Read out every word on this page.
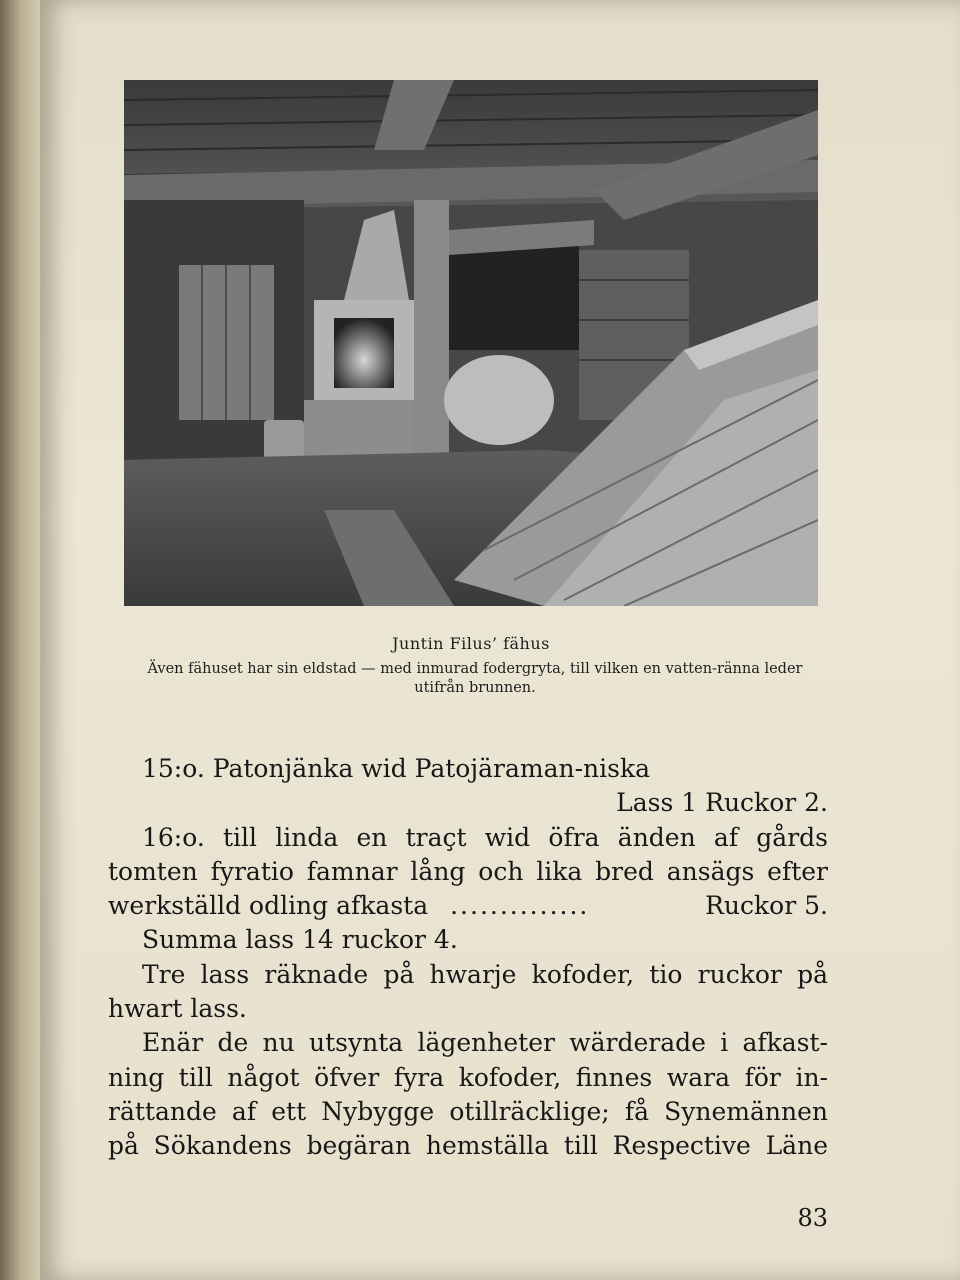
Juntin Filus’ fähus
Även fähuset har sin eldstad — med inmurad fodergryta, till vilken en vatten-ränna leder utifrån brunnen.
15:o. Patonjänka wid Patojäraman-niska
Lass 1 Ruckor 2.
16:o. till linda en traçt wid öfra änden af gårds
tomten fyratio famnar lång och lika bred ansägs efter
werkställd odling afkasta ..............	Ruckor 5.
Summa lass 14 ruckor 4.
Tre lass räknade på hwarje kofoder, tio ruckor på
hwart lass.
Enär de nu utsynta lägenheter wärderade i afkast-
ning till något öfver fyra kofoder, finnes wara för in-
rättande af ett Nybygge otillräcklige; få Synemännen
på Sökandens begäran hemställa till Respective Läne
83
